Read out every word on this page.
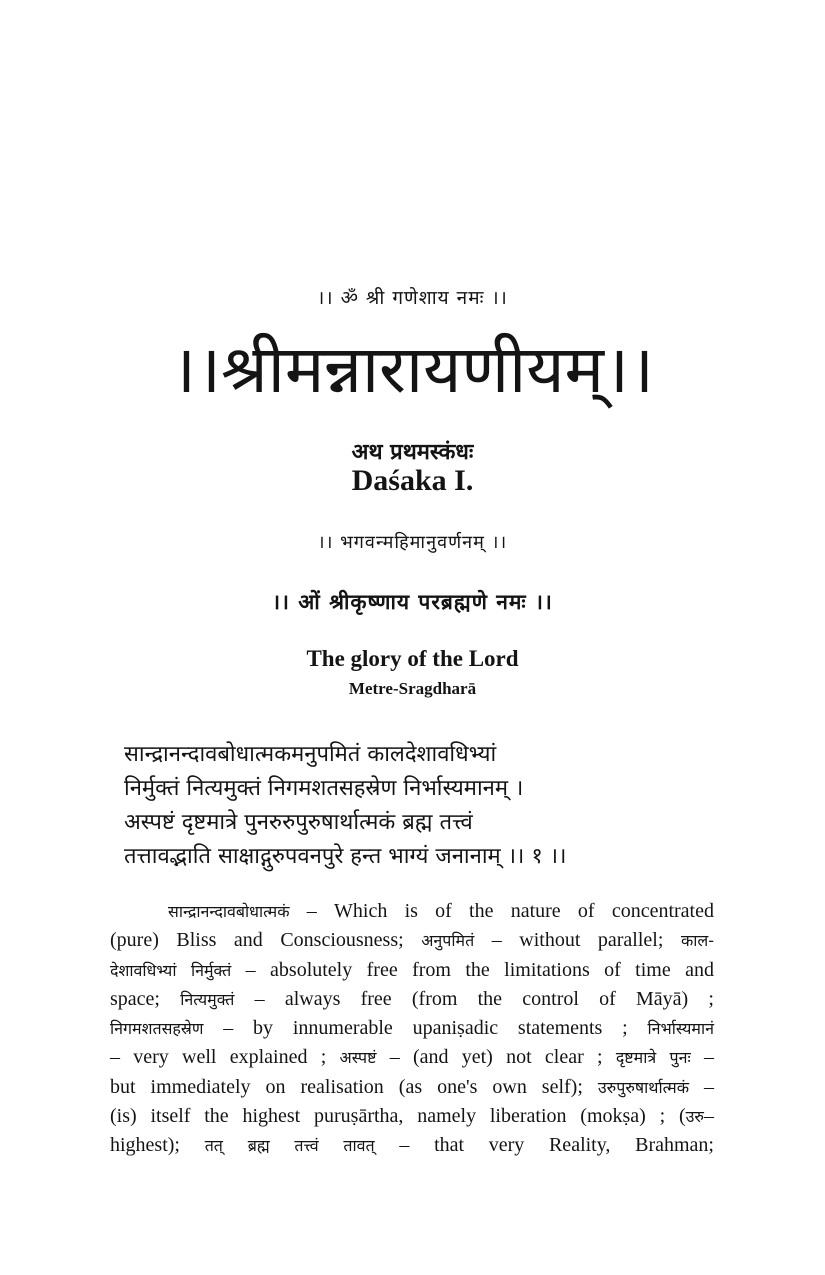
।। ॐ श्री गणेशाय नमः ।।
।।श्रीमन्नारायणीयम्।।
अथ प्रथमस्कंधः
Daśaka I.
।। भगवन्महिमानुवर्णनम् ।।
।। ओं श्रीकृष्णाय परब्रह्मणे नमः ।।
The glory of the Lord
Metre-Sragdharā
सान्द्रानन्दावबोधात्मकमनुपमितं कालदेशावधिभ्यां
निर्मुक्तं नित्यमुक्तं निगमशतसहस्रेण निर्भास्यमानम् ।
अस्पष्टं दृष्टमात्रे पुनरुरुपुरुषार्थात्मकं ब्रह्म तत्त्वं
तत्तावद्भाति साक्षाद्गुरुपवनपुरे हन्त भाग्यं जनानाम् ।। १ ।।
सान्द्रानन्दावबोधात्मकं – Which is of the nature of concentrated
(pure) Bliss and Consciousness; अनुपमितं – without parallel; काल-
देशावधिभ्यां निर्मुक्तं – absolutely free from the limitations of time and
space; नित्यमुक्तं – always free (from the control of Māyā) ;
निगमशतसहस्रेण – by innumerable upaniṣadic statements ; निर्भास्यमानं
– very well explained ; अस्पष्टं – (and yet) not clear ; दृष्टमात्रे पुनः –
but immediately on realisation (as one's own self); उरुपुरुषार्थात्मकं –
(is) itself the highest puruṣārtha, namely liberation (mokṣa) ; (उरु–
highest); तत् ब्रह्म तत्त्वं तावत् – that very Reality, Brahman;
